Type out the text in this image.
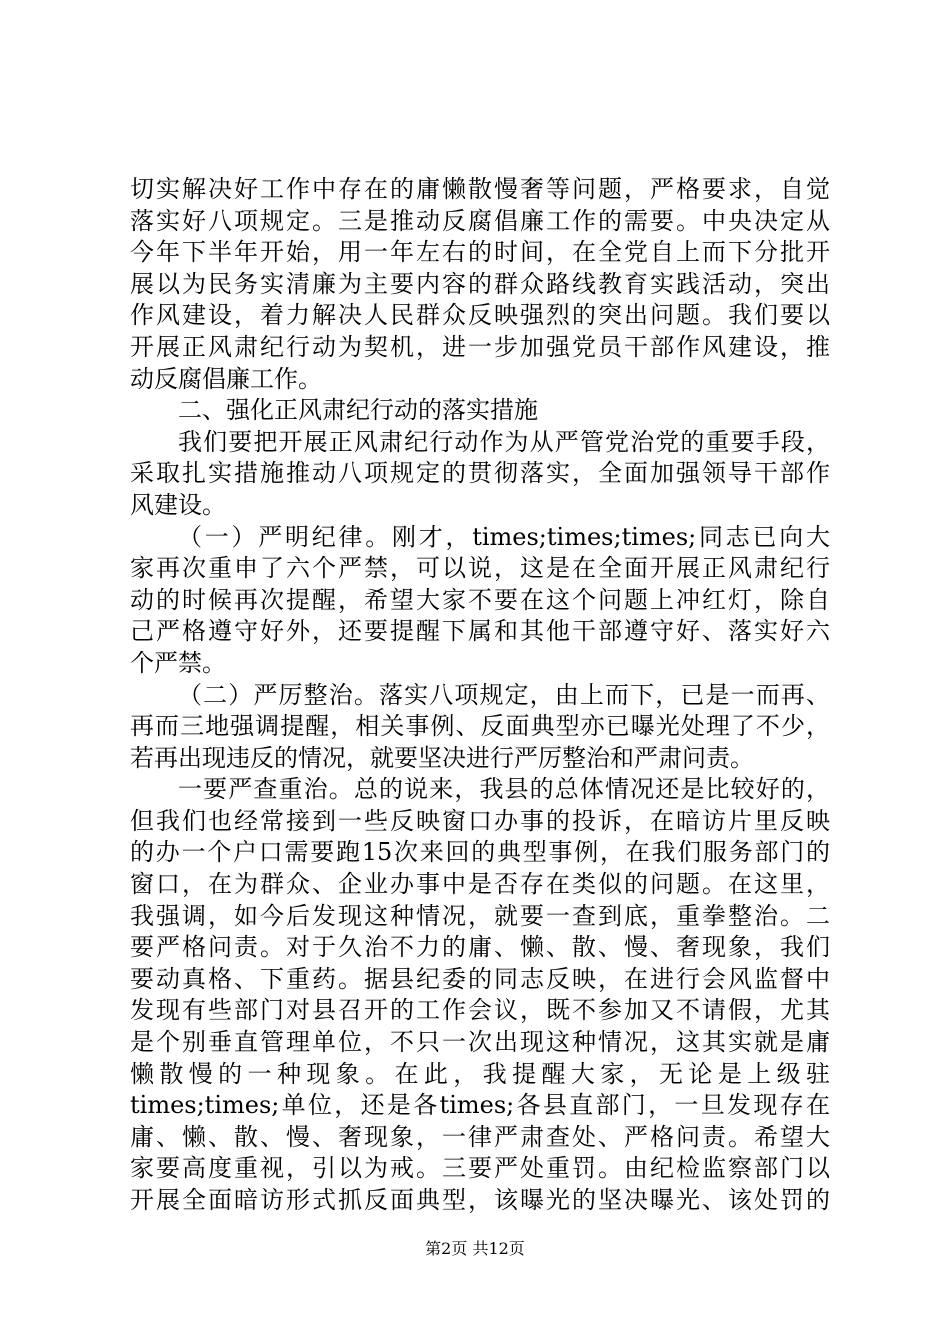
切实解决好工作中存在的庸懒散慢奢等问题，严格要求，自觉
落实好八项规定。三是推动反腐倡廉工作的需要。中央决定从
今年下半年开始，用一年左右的时间，在全党自上而下分批开
展以为民务实清廉为主要内容的群众路线教育实践活动，突出
作风建设，着力解决人民群众反映强烈的突出问题。我们要以
开展正风肃纪行动为契机，进一步加强党员干部作风建设，推
动反腐倡廉工作。
二、强化正风肃纪行动的落实措施
我们要把开展正风肃纪行动作为从严管党治党的重要手段，
采取扎实措施推动八项规定的贯彻落实，全面加强领导干部作
风建设。
（一）严明纪律。刚才，times;times;times;同志已向大
家再次重申了六个严禁，可以说，这是在全面开展正风肃纪行
动的时候再次提醒，希望大家不要在这个问题上冲红灯，除自
己严格遵守好外，还要提醒下属和其他干部遵守好、落实好六
个严禁。
（二）严厉整治。落实八项规定，由上而下，已是一而再、
再而三地强调提醒，相关事例、反面典型亦已曝光处理了不少，
若再出现违反的情况，就要坚决进行严厉整治和严肃问责。
一要严查重治。总的说来，我县的总体情况还是比较好的，
但我们也经常接到一些反映窗口办事的投诉，在暗访片里反映
的办一个户口需要跑15次来回的典型事例，在我们服务部门的
窗口，在为群众、企业办事中是否存在类似的问题。在这里，
我强调，如今后发现这种情况，就要一查到底，重拳整治。二
要严格问责。对于久治不力的庸、懒、散、慢、奢现象，我们
要动真格、下重药。据县纪委的同志反映，在进行会风监督中
发现有些部门对县召开的工作会议，既不参加又不请假，尤其
是个别垂直管理单位，不只一次出现这种情况，这其实就是庸
懒散慢的一种现象。在此，我提醒大家，无论是上级驻
times;times;单位，还是各times;各县直部门，一旦发现存在
庸、懒、散、慢、奢现象，一律严肃查处、严格问责。希望大
家要高度重视，引以为戒。三要严处重罚。由纪检监察部门以
开展全面暗访形式抓反面典型，该曝光的坚决曝光、该处罚的
第2页 共12页
